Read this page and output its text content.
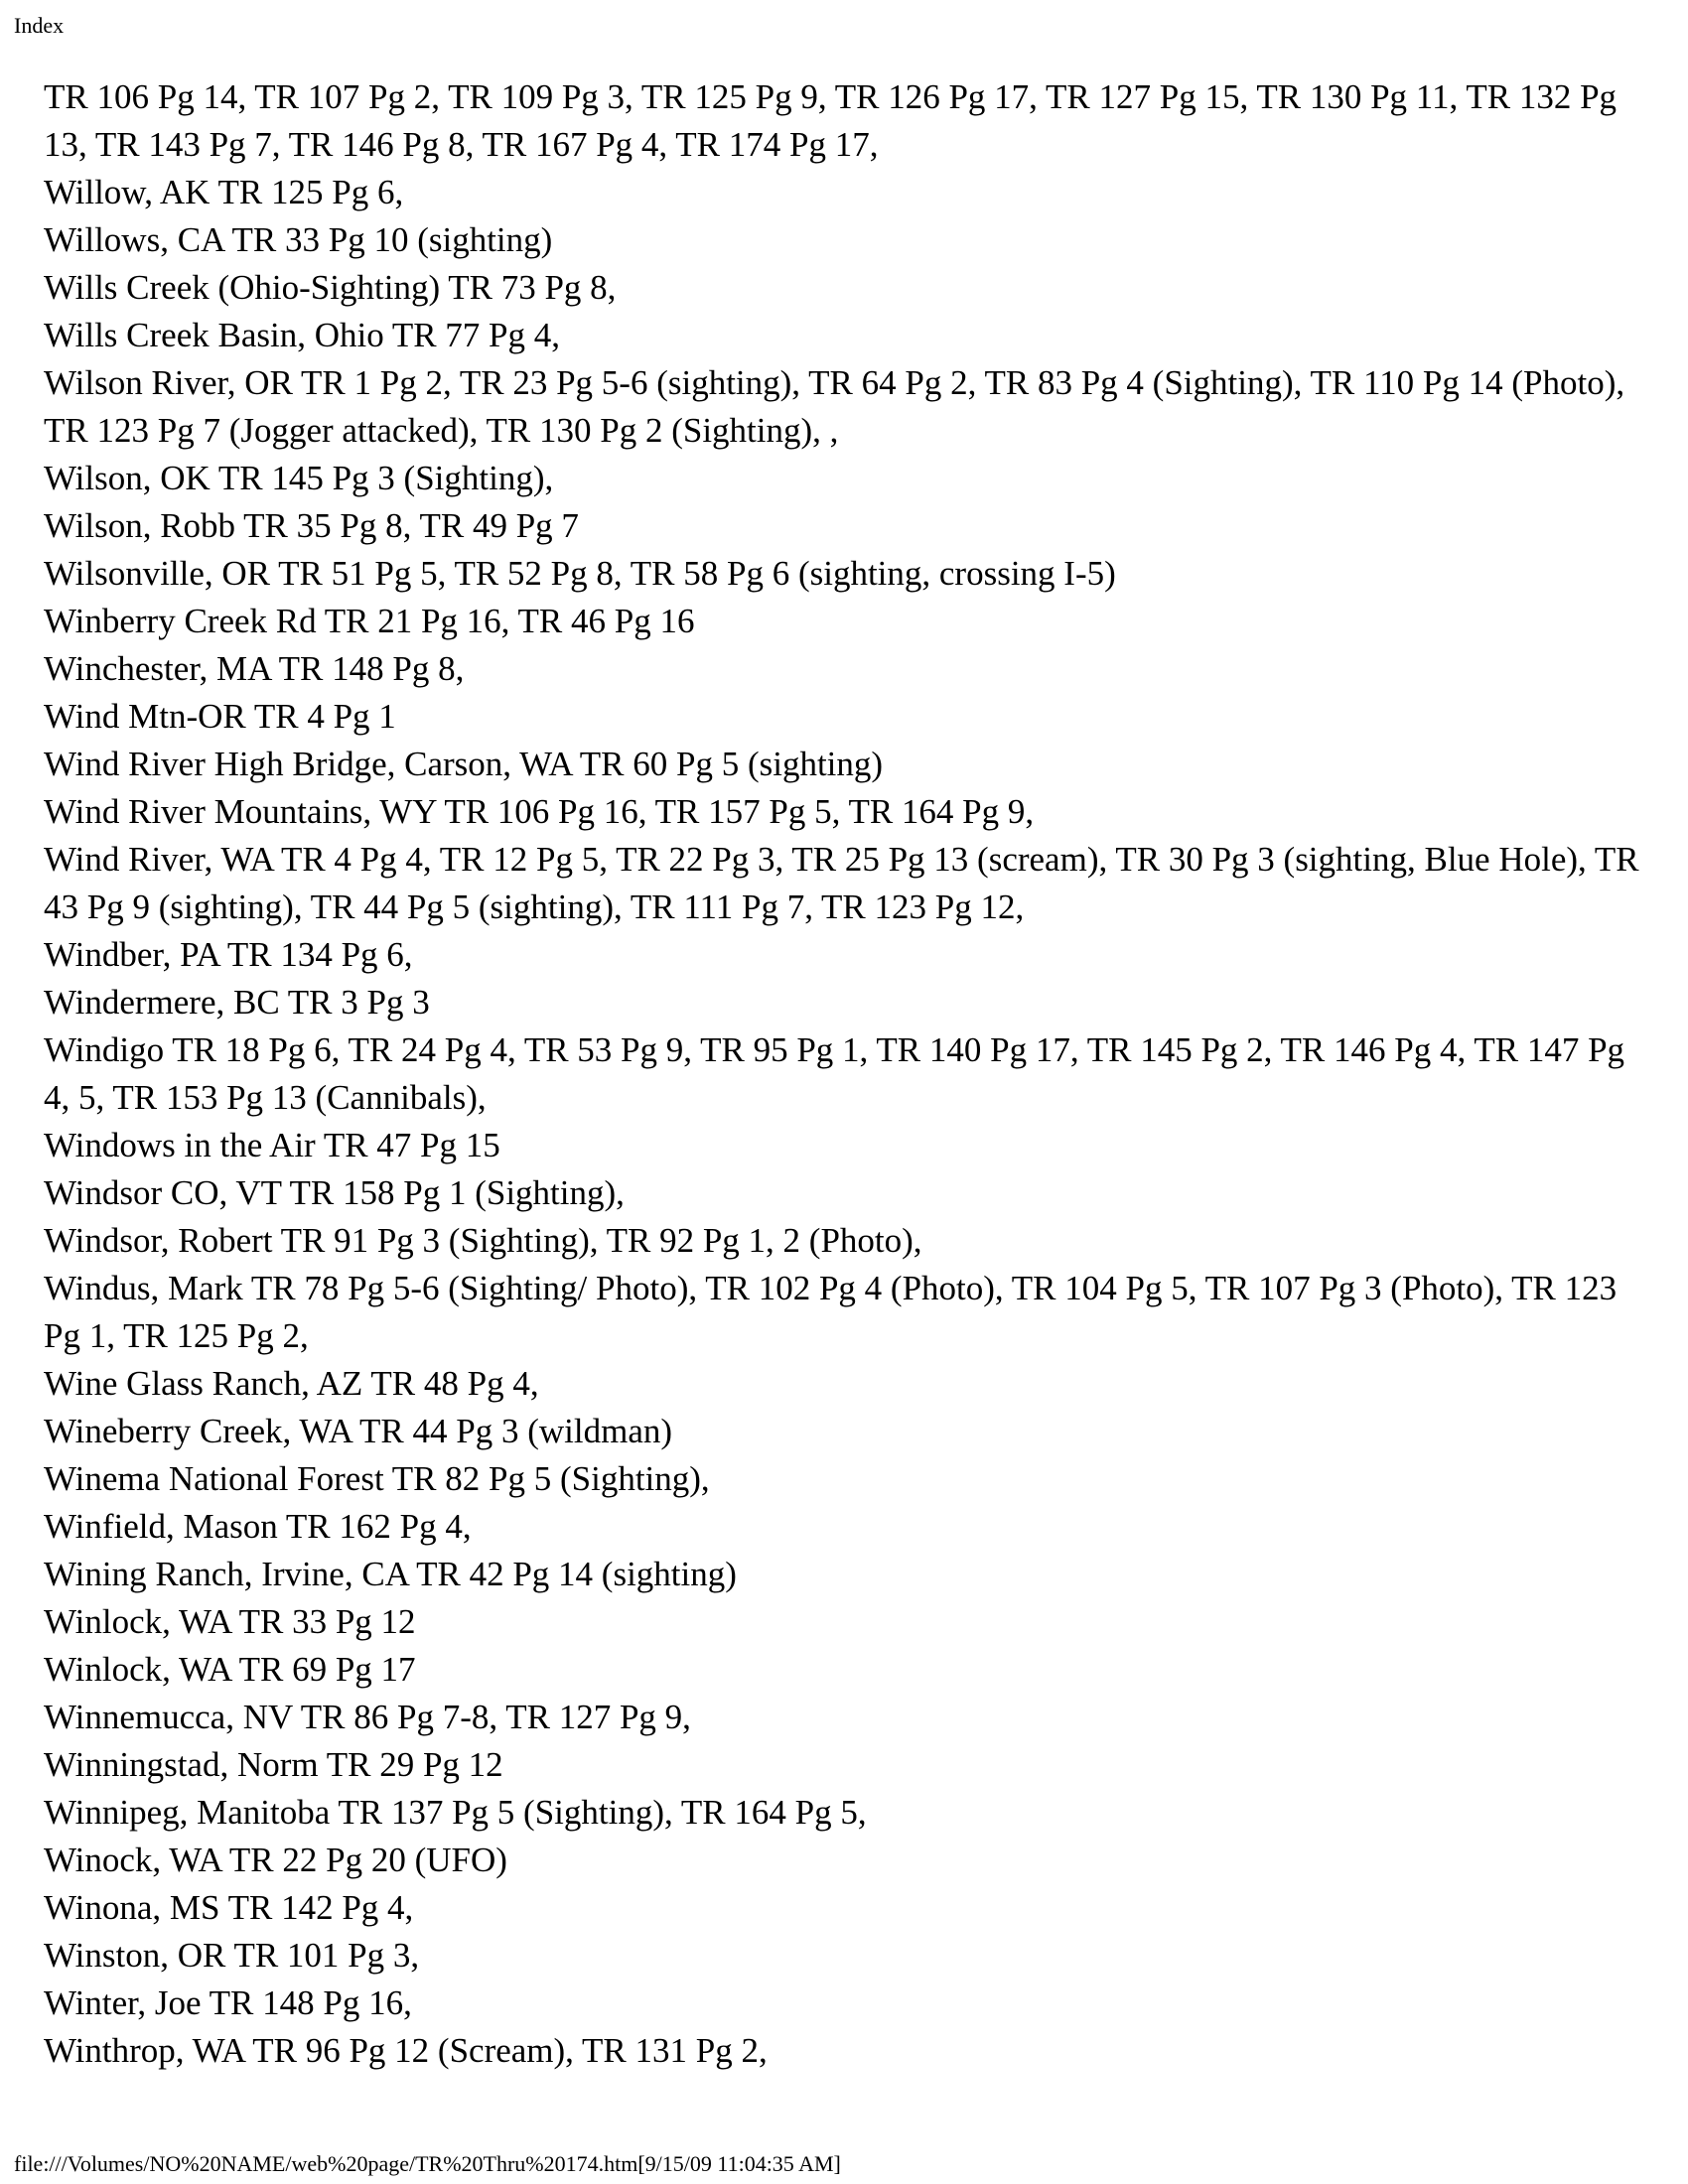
Index
TR 106 Pg 14, TR 107 Pg 2, TR 109 Pg 3, TR 125 Pg 9, TR 126 Pg 17, TR 127 Pg 15, TR 130 Pg 11, TR 132 Pg 13, TR 143 Pg 7, TR 146 Pg 8, TR 167 Pg 4, TR 174 Pg 17,
Willow, AK TR 125 Pg 6,
Willows, CA TR 33 Pg 10 (sighting)
Wills Creek (Ohio-Sighting) TR 73 Pg 8,
Wills Creek Basin, Ohio TR 77 Pg 4,
Wilson River, OR TR 1 Pg 2, TR 23 Pg 5-6 (sighting), TR 64 Pg 2, TR 83 Pg 4 (Sighting), TR 110 Pg 14 (Photo), TR 123 Pg 7 (Jogger attacked), TR 130 Pg 2 (Sighting), ,
Wilson, OK TR 145 Pg 3 (Sighting),
Wilson, Robb TR 35 Pg 8, TR 49 Pg 7
Wilsonville, OR TR 51 Pg 5, TR 52 Pg 8, TR 58 Pg 6 (sighting, crossing I-5)
Winberry Creek Rd TR 21 Pg 16, TR 46 Pg 16
Winchester, MA TR 148 Pg 8,
Wind Mtn-OR TR 4 Pg 1
Wind River High Bridge, Carson, WA TR 60 Pg 5 (sighting)
Wind River Mountains, WY TR 106 Pg 16, TR 157 Pg 5, TR 164 Pg 9,
Wind River, WA TR 4 Pg 4, TR 12 Pg 5, TR 22 Pg 3, TR 25 Pg 13 (scream), TR 30 Pg 3 (sighting, Blue Hole), TR 43 Pg 9 (sighting), TR 44 Pg 5 (sighting), TR 111 Pg 7, TR 123 Pg 12,
Windber, PA TR 134 Pg 6,
Windermere, BC TR 3 Pg 3
Windigo TR 18 Pg 6, TR 24 Pg 4, TR 53 Pg 9, TR 95 Pg 1, TR 140 Pg 17, TR 145 Pg 2, TR 146 Pg 4, TR 147 Pg 4, 5, TR 153 Pg 13 (Cannibals),
Windows in the Air TR 47 Pg 15
Windsor CO, VT TR 158 Pg 1 (Sighting),
Windsor, Robert TR 91 Pg 3 (Sighting), TR 92 Pg 1, 2 (Photo),
Windus, Mark TR 78 Pg 5-6 (Sighting/ Photo), TR 102 Pg 4 (Photo), TR 104 Pg 5, TR 107 Pg 3 (Photo), TR 123 Pg 1, TR 125 Pg 2,
Wine Glass Ranch, AZ TR 48 Pg 4,
Wineberry Creek, WA TR 44 Pg 3 (wildman)
Winema National Forest TR 82 Pg 5 (Sighting),
Winfield, Mason TR 162 Pg 4,
Wining Ranch, Irvine, CA TR 42 Pg 14 (sighting)
Winlock, WA TR 33 Pg 12
Winlock, WA TR 69 Pg 17
Winnemucca, NV TR 86 Pg 7-8, TR 127 Pg 9,
Winningstad, Norm TR 29 Pg 12
Winnipeg, Manitoba TR 137 Pg 5 (Sighting), TR 164 Pg 5,
Winock, WA TR 22 Pg 20 (UFO)
Winona, MS TR 142 Pg 4,
Winston, OR TR 101 Pg 3,
Winter, Joe TR 148 Pg 16,
Winthrop, WA TR 96 Pg 12 (Scream), TR 131 Pg 2,
file:///Volumes/NO%20NAME/web%20page/TR%20Thru%20174.htm[9/15/09 11:04:35 AM]
